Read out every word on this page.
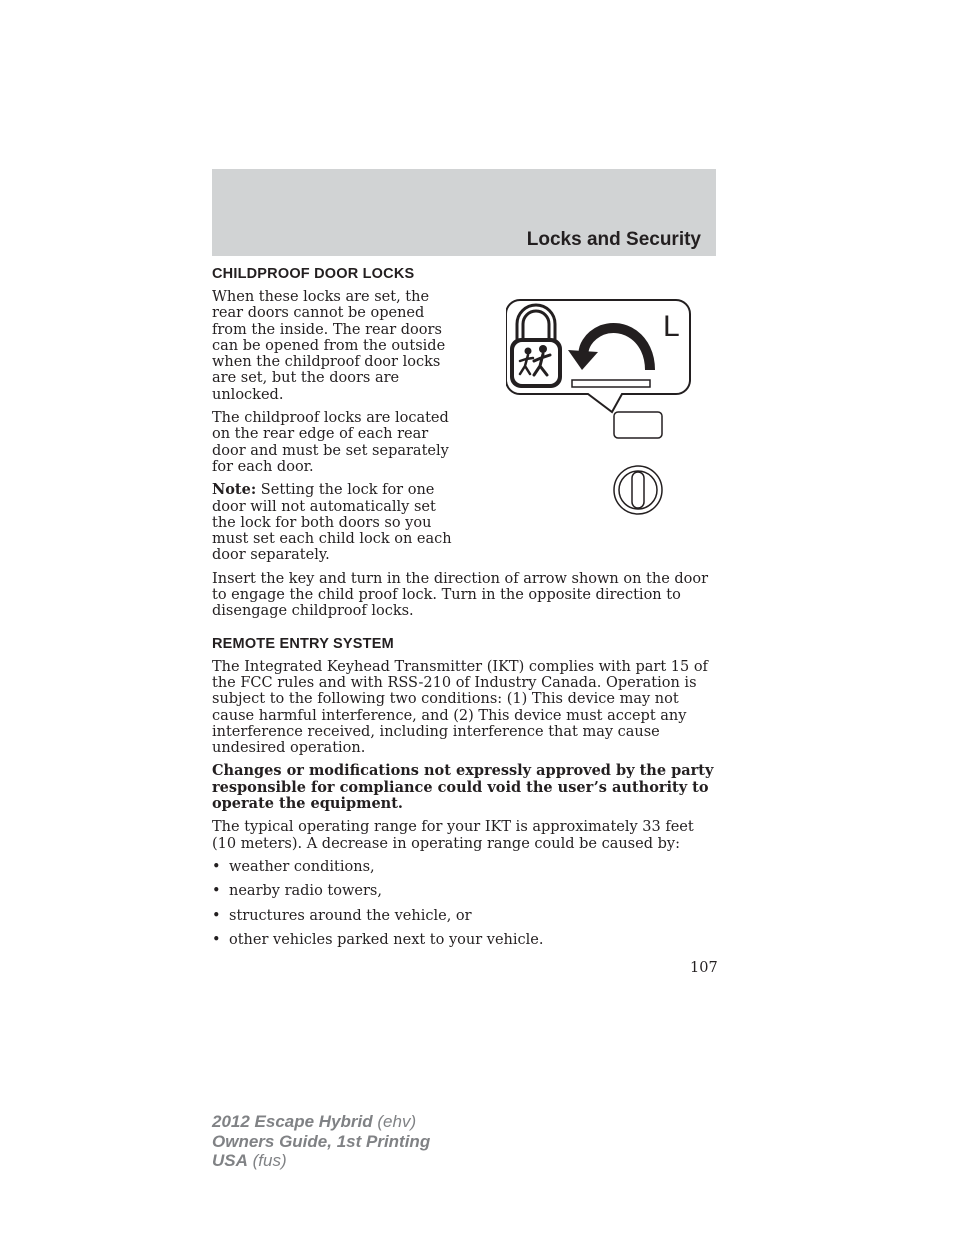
Locks and Security
CHILDPROOF DOOR LOCKS

When these locks are set, the rear doors cannot be opened from the inside. The rear doors can be opened from the outside when the childproof door locks are set, but the doors are unlocked.

The childproof locks are located on the rear edge of each rear door and must be set separately for each door.

Note: Setting the lock for one door will not automatically set the lock for both doors so you must set each child lock on each door separately.

L

Insert the key and turn in the direction of arrow shown on the door to engage the child proof lock. Turn in the opposite direction to disengage childproof locks.

REMOTE ENTRY SYSTEM

The Integrated Keyhead Transmitter (IKT) complies with part 15 of the FCC rules and with RSS-210 of Industry Canada. Operation is subject to the following two conditions: (1) This device may not cause harmful interference, and (2) This device must accept any interference received, including interference that may cause undesired operation.

Changes or modifications not expressly approved by the party responsible for compliance could void the user’s authority to operate the equipment.

The typical operating range for your IKT is approximately 33 feet (10 meters). A decrease in operating range could be caused by:

• weather conditions,
• nearby radio towers,
• structures around the vehicle, or
• other vehicles parked next to your vehicle.
107
2012 Escape Hybrid (ehv)
Owners Guide, 1st Printing
USA (fus)
